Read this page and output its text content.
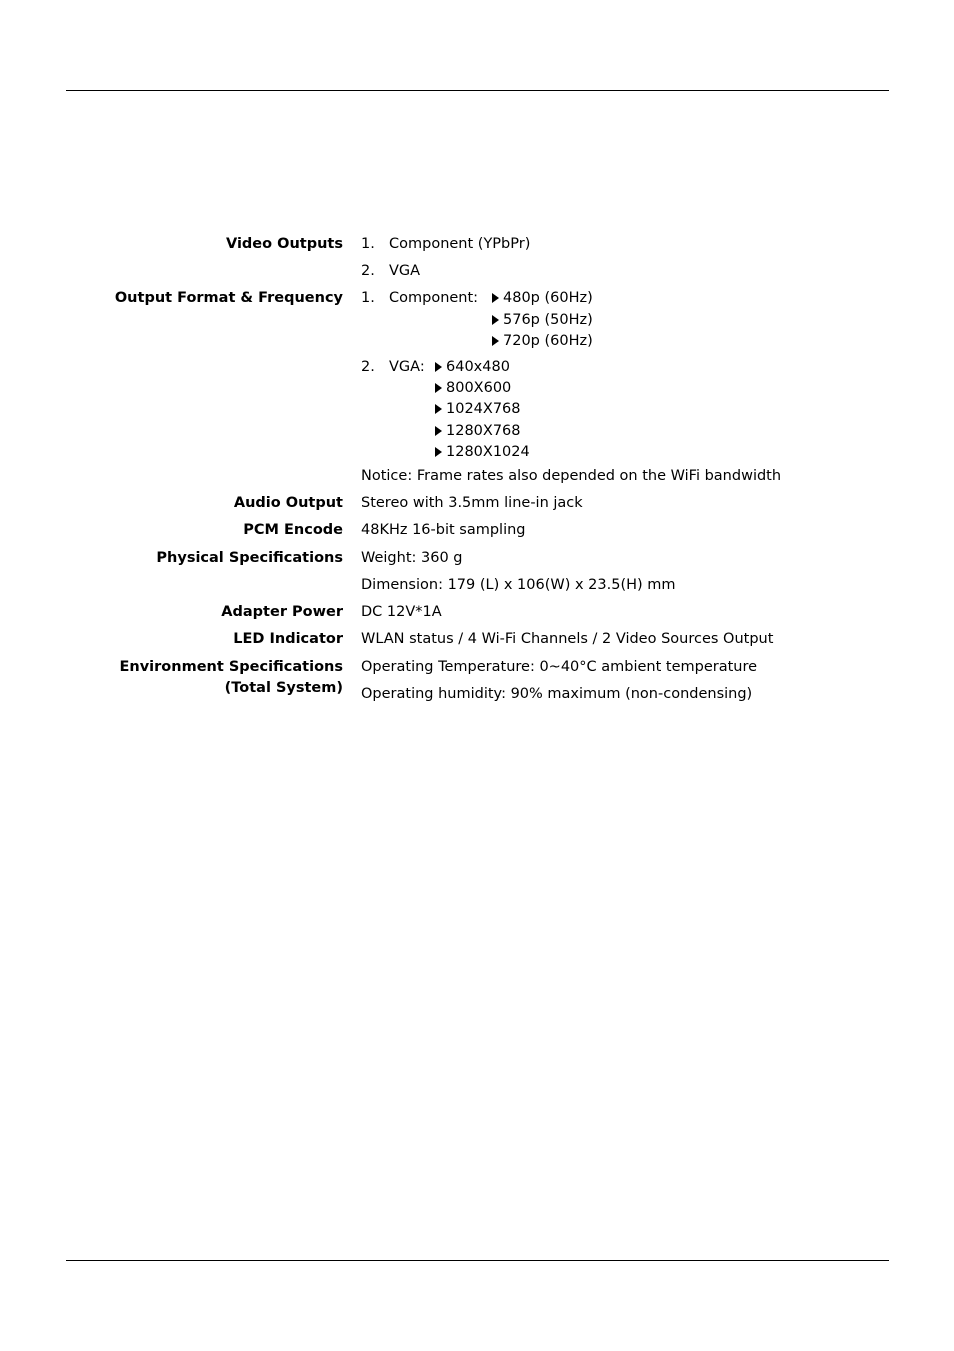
Video Outputs 1. Component (YPbPr)
2. VGA
Output Format & Frequency 1. Component:	480p (60Hz)
576p (50Hz)
720p (60Hz)
2. VGA:	640x480
800X600
1024X768
1280X768
1280X1024
Notice: Frame rates also depended on the WiFi bandwidth
Audio Output Stereo with 3.5mm line-in jack
PCM Encode 48KHz 16-bit sampling
Physical Specifications Weight: 360 g
Dimension: 179 (L) x 106(W) x 23.5(H) mm
Adapter Power DC 12V*1A
LED Indicator WLAN status / 4 Wi-Fi Channels / 2 Video Sources Output
Environment Specifications
(Total System)
Operating Temperature: 0~40°C ambient temperature
Operating humidity: 90% maximum (non-condensing)
